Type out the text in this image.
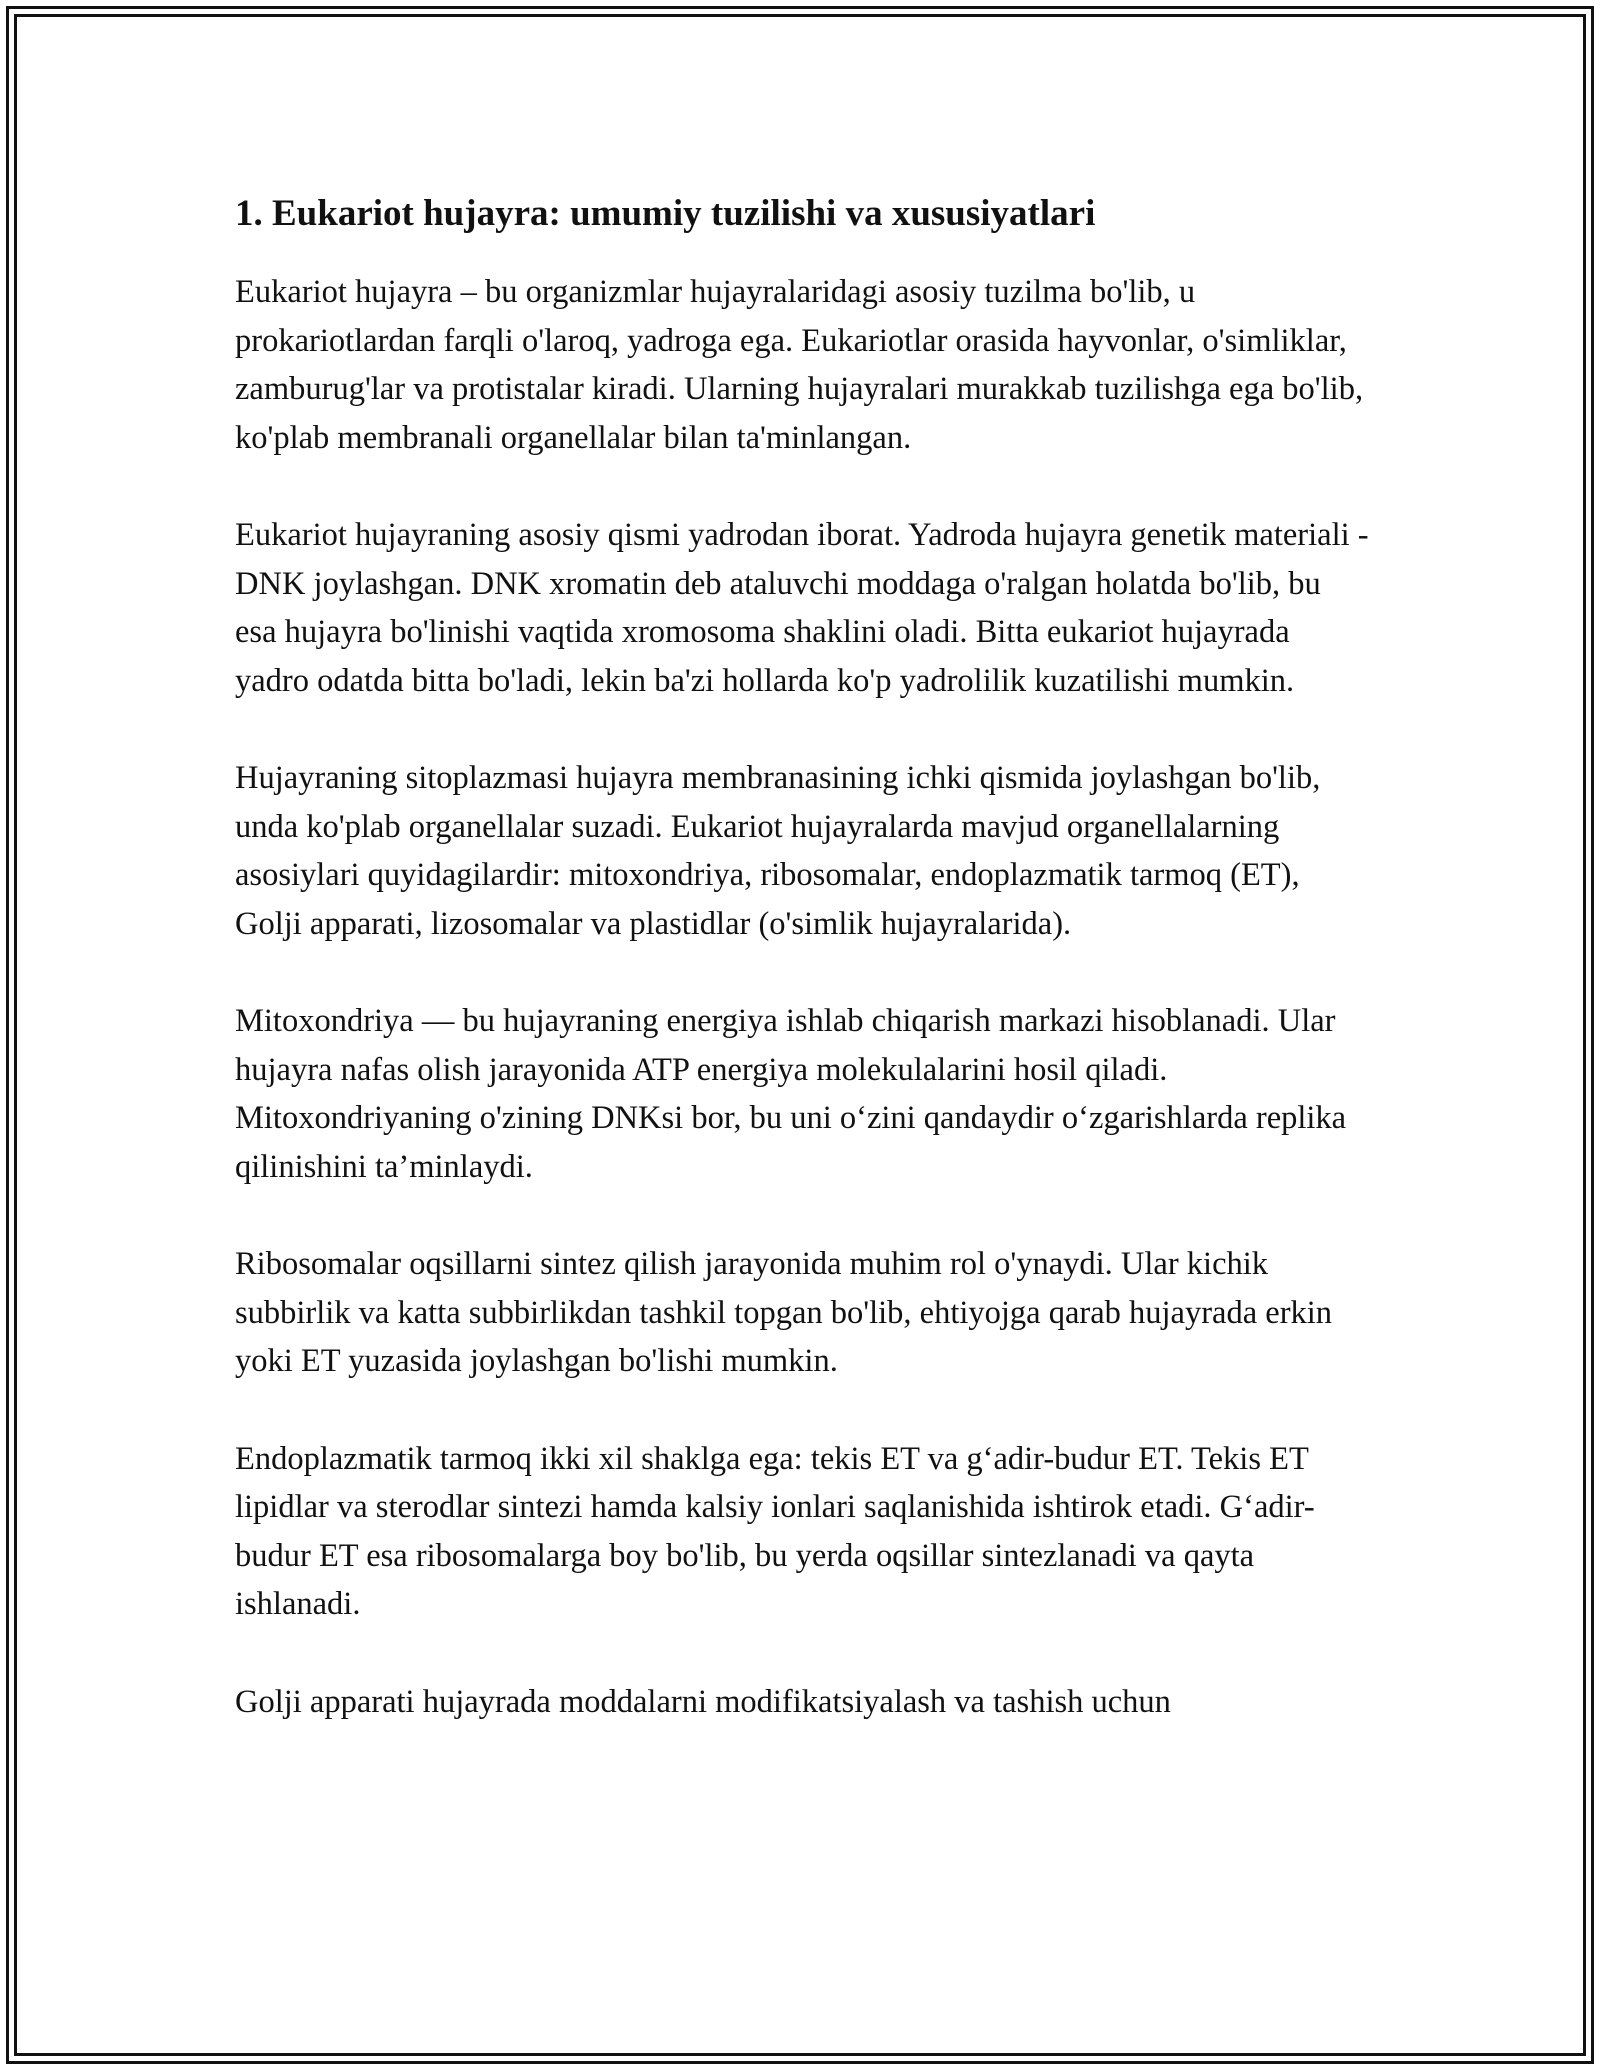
1. Eukariot hujayra: umumiy tuzilishi va xususiyatlari

Eukariot hujayra – bu organizmlar hujayralaridagi asosiy tuzilma bo'lib, u prokariotlardan farqli o'laroq, yadroga ega. Eukariotlar orasida hayvonlar, o'simliklar, zamburug'lar va protistalar kiradi. Ularning hujayralari murakkab tuzilishga ega bo'lib, ko'plab membranali organellalar bilan ta'minlangan.

Eukariot hujayraning asosiy qismi yadrodan iborat. Yadroda hujayra genetik materiali - DNK joylashgan. DNK xromatin deb ataluvchi moddaga o'ralgan holatda bo'lib, bu esa hujayra bo'linishi vaqtida xromosoma shaklini oladi. Bitta eukariot hujayrada yadro odatda bitta bo'ladi, lekin ba'zi hollarda ko'p yadrolilik kuzatilishi mumkin.

Hujayraning sitoplazmasi hujayra membranasining ichki qismida joylashgan bo'lib, unda ko'plab organellalar suzadi. Eukariot hujayralarda mavjud organellalarning asosiylari quyidagilardir: mitoxondriya, ribosomalar, endoplazmatik tarmoq (ET), Golji apparati, lizosomalar va plastidlar (o'simlik hujayralarida).

Mitoxondriya — bu hujayraning energiya ishlab chiqarish markazi hisoblanadi. Ular hujayra nafas olish jarayonida ATP energiya molekulalarini hosil qiladi. Mitoxondriyaning o'zining DNKsi bor, bu uni o‘zini qandaydir o‘zgarishlarda replika qilinishini ta’minlaydi.

Ribosomalar oqsillarni sintez qilish jarayonida muhim rol o'ynaydi. Ular kichik subbirlik va katta subbirlikdan tashkil topgan bo'lib, ehtiyojga qarab hujayrada erkin yoki ET yuzasida joylashgan bo'lishi mumkin.

Endoplazmatik tarmoq ikki xil shaklga ega: tekis ET va g‘adir-budur ET. Tekis ET lipidlar va sterodlar sintezi hamda kalsiy ionlari saqlanishida ishtirok etadi. G‘adir-budur ET esa ribosomalarga boy bo'lib, bu yerda oqsillar sintezlanadi va qayta ishlanadi.

Golji apparati hujayrada moddalarni modifikatsiyalash va tashish uchun
